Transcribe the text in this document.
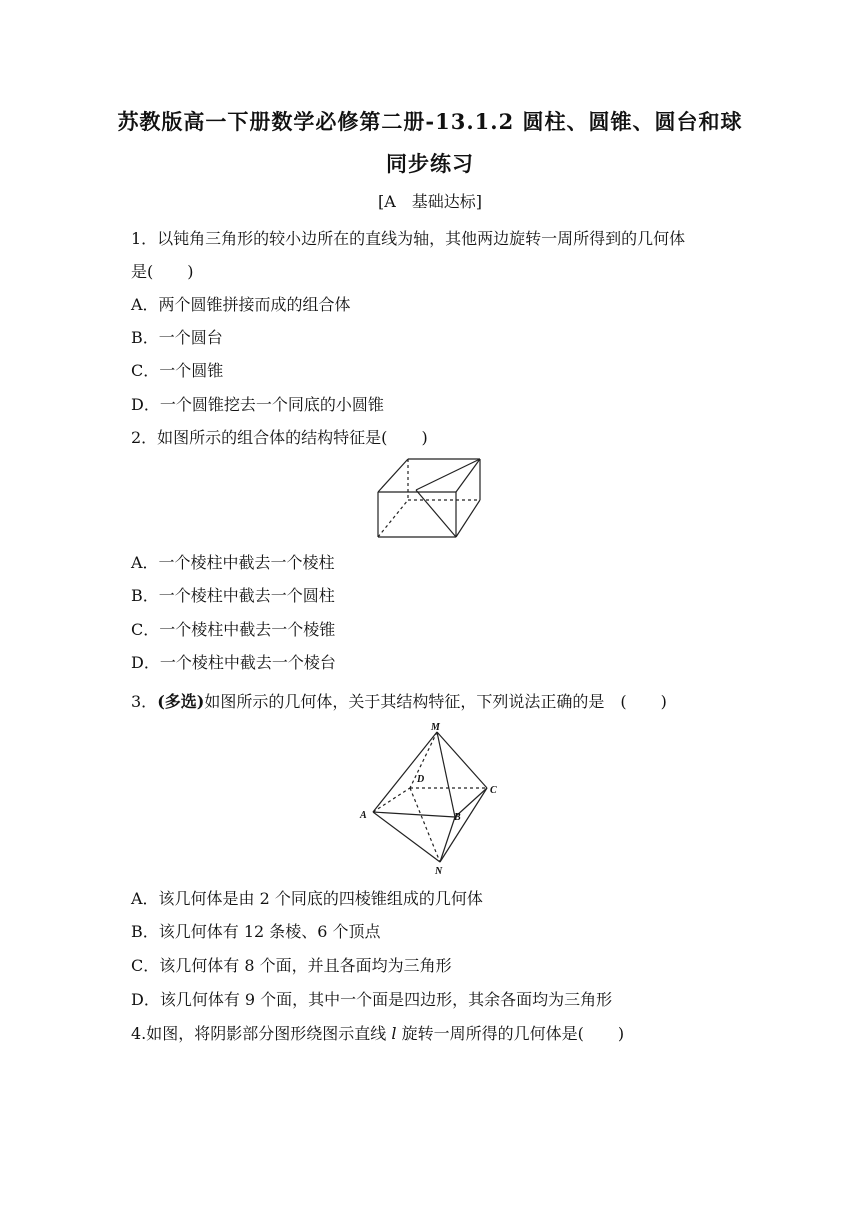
苏教版高一下册数学必修第二册-13.1.2 圆柱、圆锥、圆台和球
同步练习
[A　基础达标]
1．以钝角三角形的较小边所在的直线为轴，其他两边旋转一周所得到的几何体
是( )
A．两个圆锥拼接而成的组合体
B．一个圆台
C．一个圆锥
D．一个圆锥挖去一个同底的小圆锥
2．如图所示的组合体的结构特征是( )
A．一个棱柱中截去一个棱柱
B．一个棱柱中截去一个圆柱
C．一个棱柱中截去一个棱锥
D．一个棱柱中截去一个棱台
3．(多选)如图所示的几何体，关于其结构特征，下列说法正确的是　( )
M
D
C
A	B
N
A．该几何体是由 2 个同底的四棱锥组成的几何体
B．该几何体有 12 条棱、6 个顶点
C．该几何体有 8 个面，并且各面均为三角形
D．该几何体有 9 个面，其中一个面是四边形，其余各面均为三角形
4.如图，将阴影部分图形绕图示直线 l 旋转一周所得的几何体是( )
